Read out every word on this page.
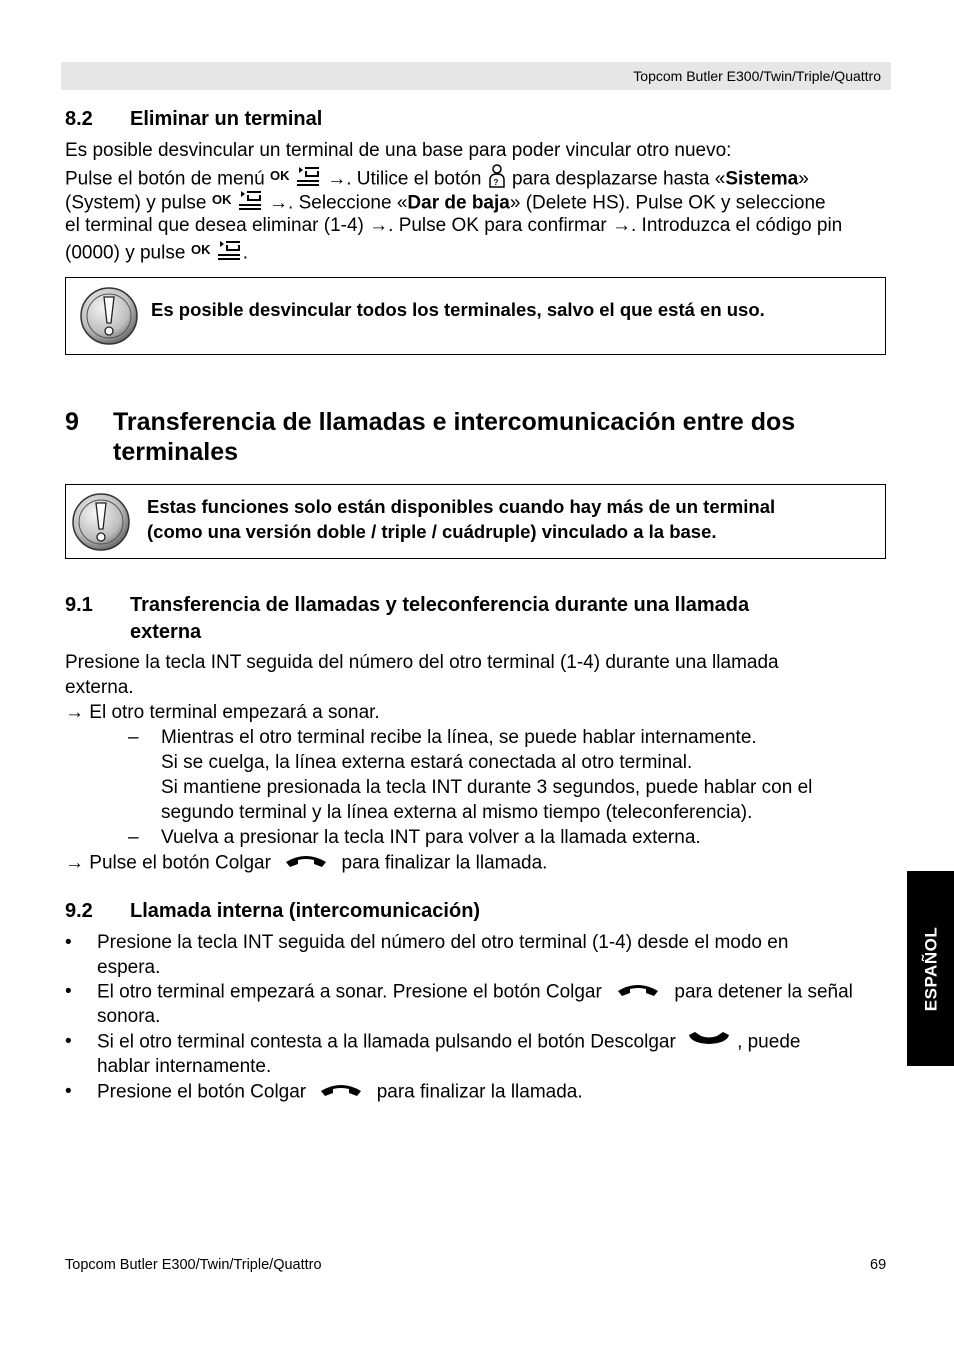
Topcom Butler E300/Twin/Triple/Quattro
8.2 Eliminar un terminal
Es posible desvincular un terminal de una base para poder vincular otro nuevo:
Pulse el botón de menú OK →. Utilice el botón ? para desplazarse hasta «Sistema»
(System) y pulse OK →. Seleccione «Dar de baja» (Delete HS). Pulse OK y seleccione
el terminal que desea eliminar (1-4) →. Pulse OK para confirmar →. Introduzca el código pin
(0000) y pulse OK .
Es posible desvincular todos los terminales, salvo el que está en uso.
9 Transferencia de llamadas e intercomunicación entre dos
terminales
Estas funciones solo están disponibles cuando hay más de un terminal
(como una versión doble / triple / cuádruple) vinculado a la base.
9.1 Transferencia de llamadas y teleconferencia durante una llamada
externa
Presione la tecla INT seguida del número del otro terminal (1-4) durante una llamada
externa.
→ El otro terminal empezará a sonar.
– Mientras el otro terminal recibe la línea, se puede hablar internamente.
Si se cuelga, la línea externa estará conectada al otro terminal.
Si mantiene presionada la tecla INT durante 3 segundos, puede hablar con el
segundo terminal y la línea externa al mismo tiempo (teleconferencia).
– Vuelva a presionar la tecla INT para volver a la llamada externa.
→ Pulse el botón Colgar	para finalizar la llamada.
9.2 Llamada interna (intercomunicación)
• Presione la tecla INT seguida del número del otro terminal (1-4) desde el modo en
espera.
• El otro terminal empezará a sonar. Presione el botón Colgar	para detener la señal
sonora.
• Si el otro terminal contesta a la llamada pulsando el botón Descolgar	, puede
hablar internamente.
• Presione el botón Colgar	para finalizar la llamada.
ESPAÑOL
Topcom Butler E300/Twin/Triple/Quattro	69
